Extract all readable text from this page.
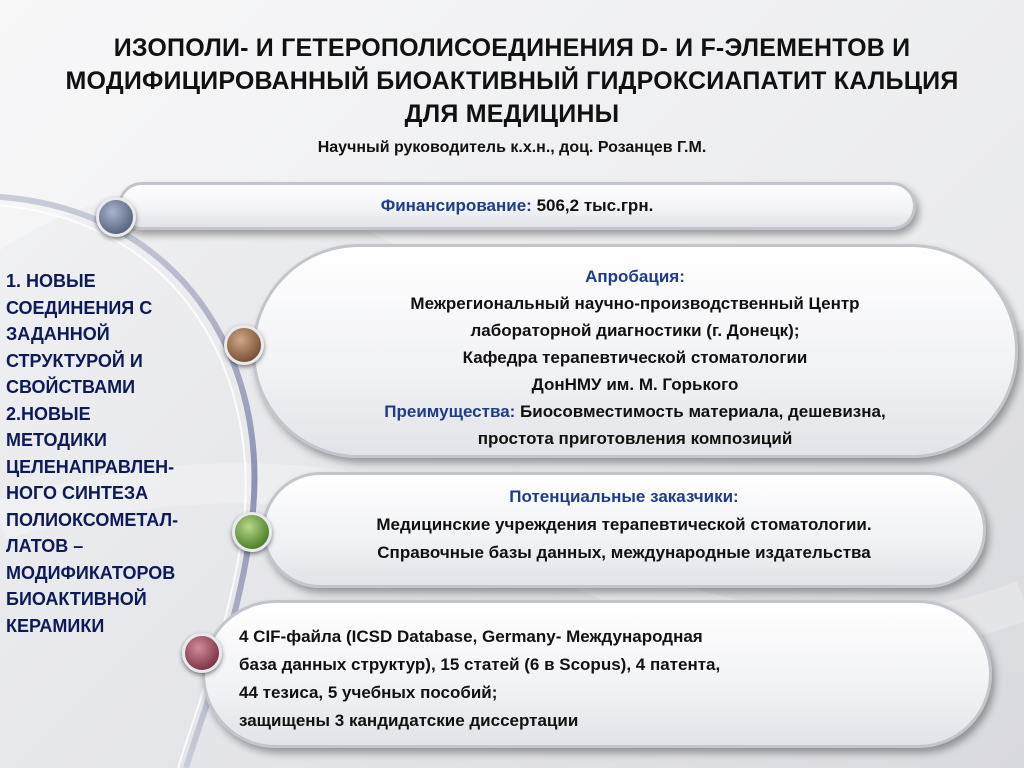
ИЗОПОЛИ- И ГЕТЕРОПОЛИСОЕДИНЕНИЯ D- И F-ЭЛЕМЕНТОВ И МОДИФИЦИРОВАННЫЙ БИОАКТИВНЫЙ ГИДРОКСИАПАТИТ КАЛЬЦИЯ ДЛЯ МЕДИЦИНЫ
Научный руководитель к.х.н., доц. Розанцев Г.М.
1. НОВЫЕ
СОЕДИНЕНИЯ С
ЗАДАННОЙ
СТРУКТУРОЙ И
СВОЙСТВАМИ
2.НОВЫЕ
МЕТОДИКИ
ЦЕЛЕНАПРАВЛЕН-
НОГО СИНТЕЗА
ПОЛИОКСОМЕТАЛ-
ЛАТОВ –
МОДИФИКАТОРОВ
БИОАКТИВНОЙ
КЕРАМИКИ
Финансирование: 506,2 тыс.грн.
Апробация:
Межрегиональный научно-производственный Центр
лабораторной диагностики (г. Донецк);
Кафедра терапевтической стоматологии
ДонНМУ им. М. Горького
Преимущества: Биосовместимость материала, дешевизна,
простота приготовления композиций
Потенциальные заказчики:
Медицинские учреждения терапевтической стоматологии.
Справочные базы данных, международные издательства
4 CIF-файла (ICSD Database, Germany- Международная
база данных структур), 15 статей (6 в Scopus), 4 патента,
44 тезиса, 5 учебных пособий;
защищены 3 кандидатские диссертации
